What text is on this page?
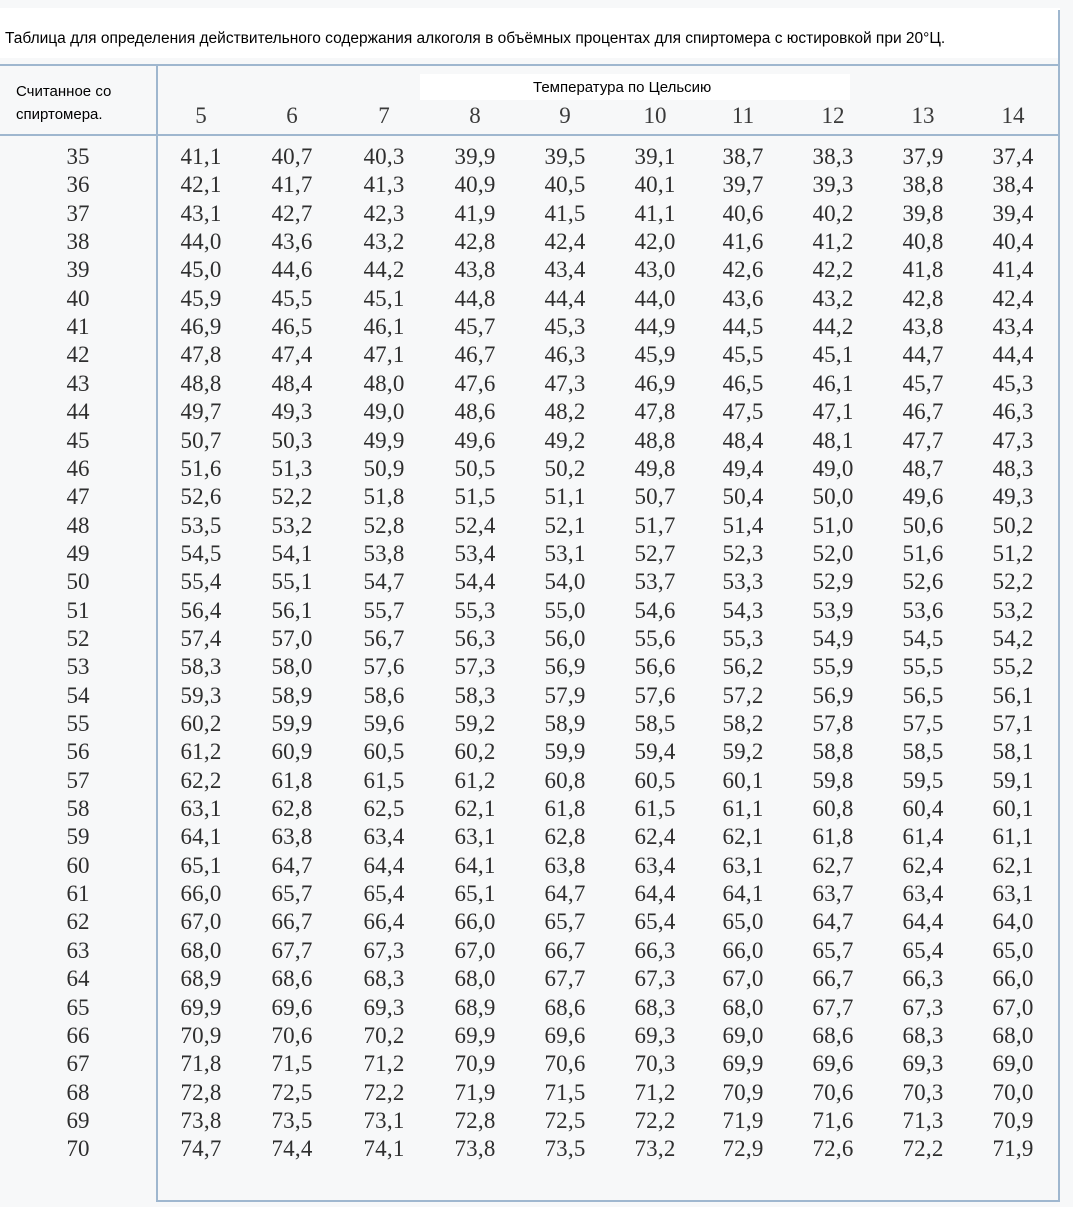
Таблица для определения действительного содержания алкоголя в объёмных процентах для спиртомера с юстировкой при 20°Ц.
Считанное со
спиртомера.
Температура по Цельсию
5	6	7	8	9	10	11	12	13	14
35	41,1	40,7	40,3	39,9	39,5	39,1	38,7	38,3	37,9	37,4
36	42,1	41,7	41,3	40,9	40,5	40,1	39,7	39,3	38,8	38,4
37	43,1	42,7	42,3	41,9	41,5	41,1	40,6	40,2	39,8	39,4
38	44,0	43,6	43,2	42,8	42,4	42,0	41,6	41,2	40,8	40,4
39	45,0	44,6	44,2	43,8	43,4	43,0	42,6	42,2	41,8	41,4
40	45,9	45,5	45,1	44,8	44,4	44,0	43,6	43,2	42,8	42,4
41	46,9	46,5	46,1	45,7	45,3	44,9	44,5	44,2	43,8	43,4
42	47,8	47,4	47,1	46,7	46,3	45,9	45,5	45,1	44,7	44,4
43	48,8	48,4	48,0	47,6	47,3	46,9	46,5	46,1	45,7	45,3
44	49,7	49,3	49,0	48,6	48,2	47,8	47,5	47,1	46,7	46,3
45	50,7	50,3	49,9	49,6	49,2	48,8	48,4	48,1	47,7	47,3
46	51,6	51,3	50,9	50,5	50,2	49,8	49,4	49,0	48,7	48,3
47	52,6	52,2	51,8	51,5	51,1	50,7	50,4	50,0	49,6	49,3
48	53,5	53,2	52,8	52,4	52,1	51,7	51,4	51,0	50,6	50,2
49	54,5	54,1	53,8	53,4	53,1	52,7	52,3	52,0	51,6	51,2
50	55,4	55,1	54,7	54,4	54,0	53,7	53,3	52,9	52,6	52,2
51	56,4	56,1	55,7	55,3	55,0	54,6	54,3	53,9	53,6	53,2
52	57,4	57,0	56,7	56,3	56,0	55,6	55,3	54,9	54,5	54,2
53	58,3	58,0	57,6	57,3	56,9	56,6	56,2	55,9	55,5	55,2
54	59,3	58,9	58,6	58,3	57,9	57,6	57,2	56,9	56,5	56,1
55	60,2	59,9	59,6	59,2	58,9	58,5	58,2	57,8	57,5	57,1
56	61,2	60,9	60,5	60,2	59,9	59,4	59,2	58,8	58,5	58,1
57	62,2	61,8	61,5	61,2	60,8	60,5	60,1	59,8	59,5	59,1
58	63,1	62,8	62,5	62,1	61,8	61,5	61,1	60,8	60,4	60,1
59	64,1	63,8	63,4	63,1	62,8	62,4	62,1	61,8	61,4	61,1
60	65,1	64,7	64,4	64,1	63,8	63,4	63,1	62,7	62,4	62,1
61	66,0	65,7	65,4	65,1	64,7	64,4	64,1	63,7	63,4	63,1
62	67,0	66,7	66,4	66,0	65,7	65,4	65,0	64,7	64,4	64,0
63	68,0	67,7	67,3	67,0	66,7	66,3	66,0	65,7	65,4	65,0
64	68,9	68,6	68,3	68,0	67,7	67,3	67,0	66,7	66,3	66,0
65	69,9	69,6	69,3	68,9	68,6	68,3	68,0	67,7	67,3	67,0
66	70,9	70,6	70,2	69,9	69,6	69,3	69,0	68,6	68,3	68,0
67	71,8	71,5	71,2	70,9	70,6	70,3	69,9	69,6	69,3	69,0
68	72,8	72,5	72,2	71,9	71,5	71,2	70,9	70,6	70,3	70,0
69	73,8	73,5	73,1	72,8	72,5	72,2	71,9	71,6	71,3	70,9
70	74,7	74,4	74,1	73,8	73,5	73,2	72,9	72,6	72,2	71,9
